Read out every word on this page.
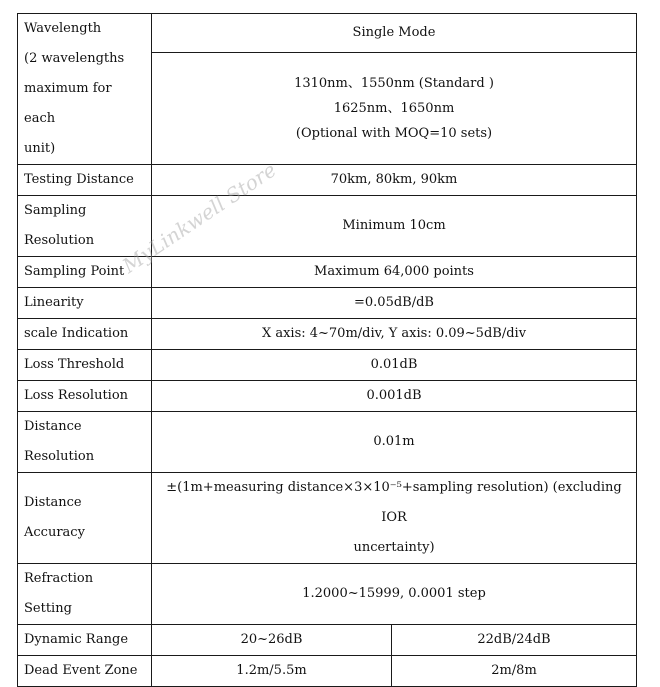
Wavelength
(2 wavelengths
maximum for each
unit)	Single Mode	

	1310nm、1550nm (Standard )
1625nm、1650nm
(Optional with MOQ=10 sets)	

Testing Distance	70km, 80km, 90km	

Sampling
Resolution	Minimum 10cm	
Sampling Point	Maximum 64,000 points	
Linearity	=0.05dB/dB	
scale Indication	X axis: 4~70m/div, Y axis: 0.09~5dB/div	
Loss Threshold	0.01dB	
Loss Resolution	0.001dB	
Distance Resolution	0.01m	
Distance Accuracy	±(1m+measuring distance×3×10⁻⁵+sampling resolution) (excluding IOR
uncertainty)	

Refraction Setting	1.2000~15999, 0.0001 step	
Dynamic Range	20~26dB	22dB/24dB
Dead Event Zone	1.2m/5.5m	2m/8m
MyLinkwell Store
